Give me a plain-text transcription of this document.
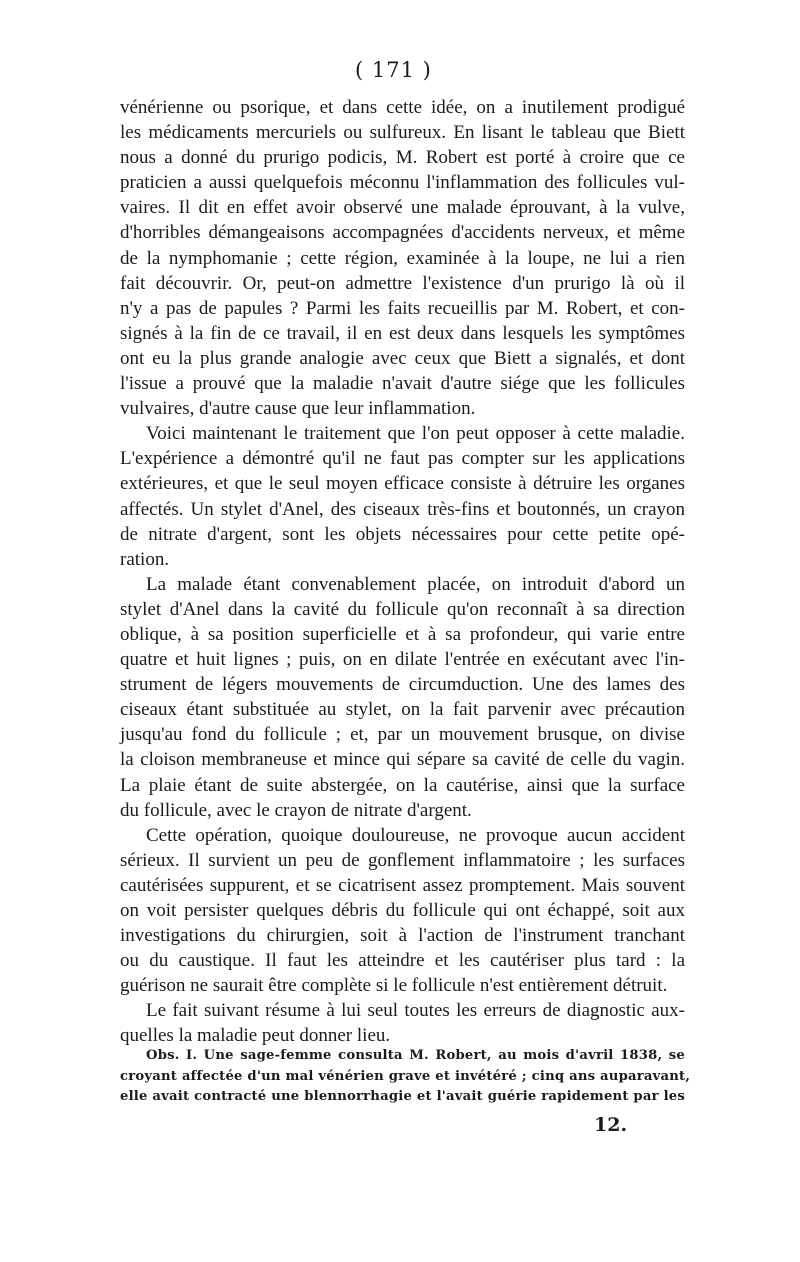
( 171 )
vénérienne ou psorique, et dans cette idée, on a inutilement prodigué
les médicaments mercuriels ou sulfureux. En lisant le tableau que Biett
nous a donné du prurigo podicis, M. Robert est porté à croire que ce
praticien a aussi quelquefois méconnu l'inflammation des follicules vul-
vaires. Il dit en effet avoir observé une malade éprouvant, à la vulve,
d'horribles démangeaisons accompagnées d'accidents nerveux, et même
de la nymphomanie ; cette région, examinée à la loupe, ne lui a rien
fait découvrir. Or, peut-on admettre l'existence d'un prurigo là où il
n'y a pas de papules ? Parmi les faits recueillis par M. Robert, et con-
signés à la fin de ce travail, il en est deux dans lesquels les symptômes
ont eu la plus grande analogie avec ceux que Biett a signalés, et dont
l'issue a prouvé que la maladie n'avait d'autre siége que les follicules
vulvaires, d'autre cause que leur inflammation.
Voici maintenant le traitement que l'on peut opposer à cette maladie.
L'expérience a démontré qu'il ne faut pas compter sur les applications
extérieures, et que le seul moyen efficace consiste à détruire les organes
affectés. Un stylet d'Anel, des ciseaux très-fins et boutonnés, un crayon
de nitrate d'argent, sont les objets nécessaires pour cette petite opé-
ration.
La malade étant convenablement placée, on introduit d'abord un
stylet d'Anel dans la cavité du follicule qu'on reconnaît à sa direction
oblique, à sa position superficielle et à sa profondeur, qui varie entre
quatre et huit lignes ; puis, on en dilate l'entrée en exécutant avec l'in-
strument de légers mouvements de circumduction. Une des lames des
ciseaux étant substituée au stylet, on la fait parvenir avec précaution
jusqu'au fond du follicule ; et, par un mouvement brusque, on divise
la cloison membraneuse et mince qui sépare sa cavité de celle du vagin.
La plaie étant de suite abstergée, on la cautérise, ainsi que la surface
du follicule, avec le crayon de nitrate d'argent.
Cette opération, quoique douloureuse, ne provoque aucun accident
sérieux. Il survient un peu de gonflement inflammatoire ; les surfaces
cautérisées suppurent, et se cicatrisent assez promptement. Mais souvent
on voit persister quelques débris du follicule qui ont échappé, soit aux
investigations du chirurgien, soit à l'action de l'instrument tranchant
ou du caustique. Il faut les atteindre et les cautériser plus tard : la
guérison ne saurait être complète si le follicule n'est entièrement détruit.
Le fait suivant résume à lui seul toutes les erreurs de diagnostic aux-
quelles la maladie peut donner lieu.
Obs. I. Une sage-femme consulta M. Robert, au mois d'avril 1838, se
croyant affectée d'un mal vénérien grave et invétéré ; cinq ans auparavant,
elle avait contracté une blennorrhagie et l'avait guérie rapidement par les
12.
